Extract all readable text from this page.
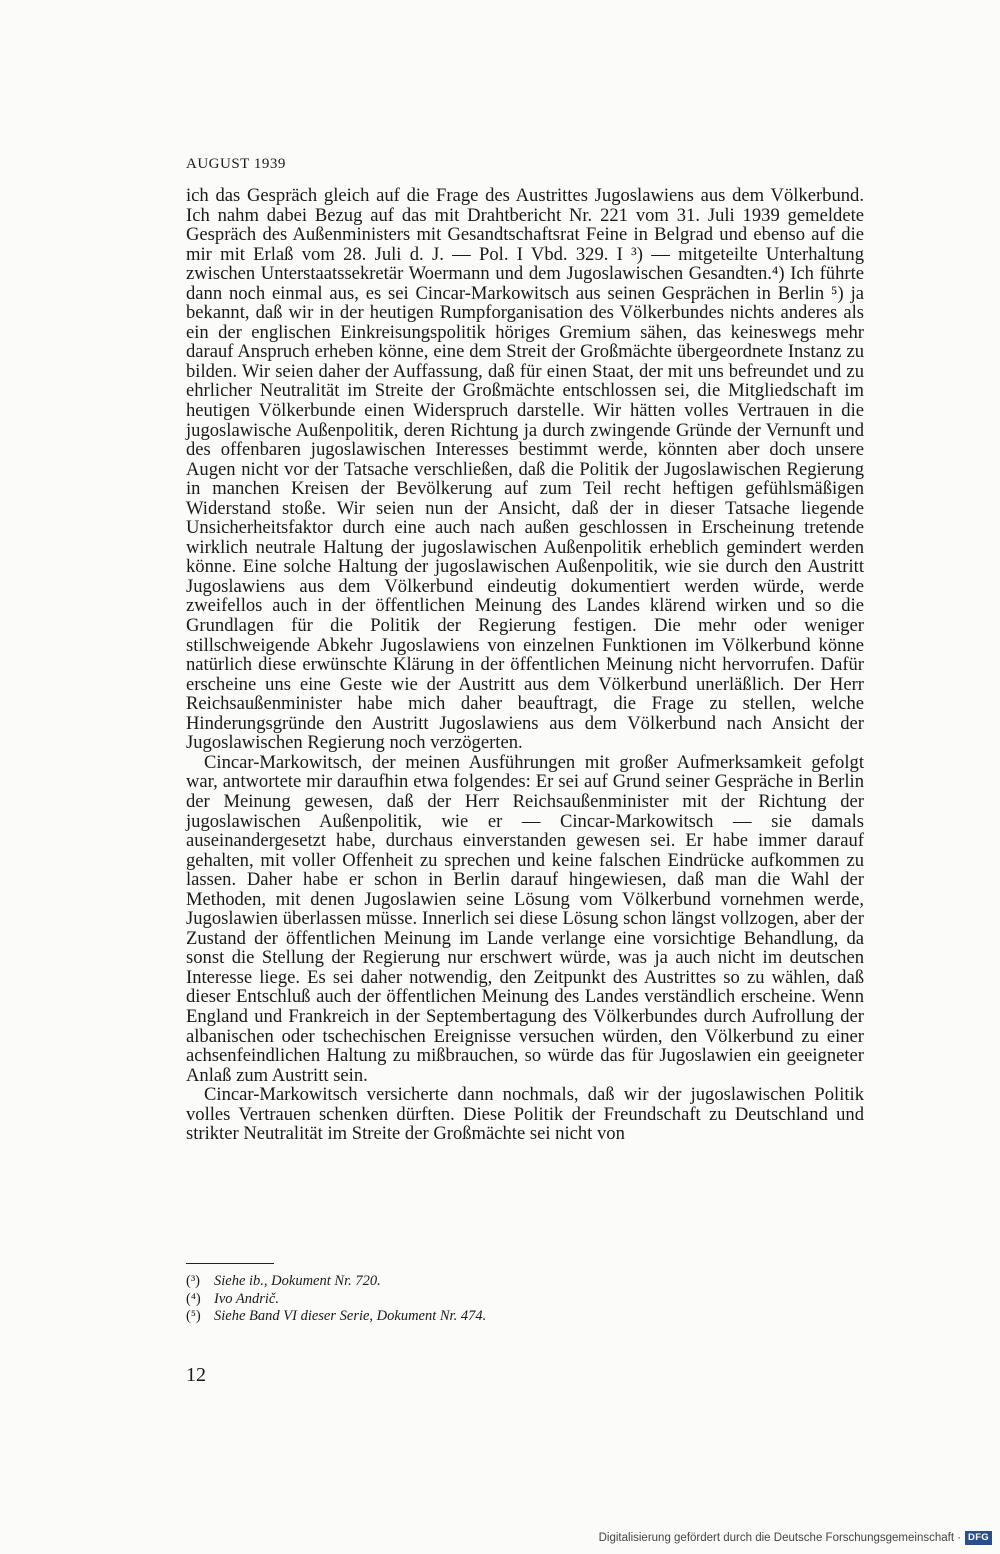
AUGUST 1939

ich das Gespräch gleich auf die Frage des Austrittes Jugoslawiens aus dem Völkerbund. Ich nahm dabei Bezug auf das mit Drahtbericht Nr. 221 vom 31. Juli 1939 gemeldete Gespräch des Außenministers mit Gesandtschaftsrat Feine in Belgrad und ebenso auf die mir mit Erlaß vom 28. Juli d. J. — Pol. I Vbd. 329. I ³) — mitgeteilte Unterhaltung zwischen Unterstaatssekretär Woermann und dem Jugoslawischen Gesandten.⁴) Ich führte dann noch einmal aus, es sei Cincar-Markowitsch aus seinen Gesprächen in Berlin ⁵) ja bekannt, daß wir in der heutigen Rumpforganisation des Völkerbundes nichts anderes als ein der englischen Einkreisungspolitik höriges Gremium sähen, das keineswegs mehr darauf Anspruch erheben könne, eine dem Streit der Großmächte übergeordnete Instanz zu bilden. Wir seien daher der Auffassung, daß für einen Staat, der mit uns befreundet und zu ehrlicher Neutralität im Streite der Großmächte entschlossen sei, die Mitgliedschaft im heutigen Völkerbunde einen Widerspruch darstelle. Wir hätten volles Vertrauen in die jugoslawische Außenpolitik, deren Richtung ja durch zwingende Gründe der Vernunft und des offenbaren jugoslawischen Interesses bestimmt werde, könnten aber doch unsere Augen nicht vor der Tatsache verschließen, daß die Politik der Jugoslawischen Regierung in manchen Kreisen der Bevölkerung auf zum Teil recht heftigen gefühlsmäßigen Widerstand stoße. Wir seien nun der Ansicht, daß der in dieser Tatsache liegende Unsicherheitsfaktor durch eine auch nach außen geschlossen in Erscheinung tretende wirklich neutrale Haltung der jugoslawischen Außenpolitik erheblich gemindert werden könne. Eine solche Haltung der jugoslawischen Außenpolitik, wie sie durch den Austritt Jugoslawiens aus dem Völkerbund eindeutig dokumentiert werden würde, werde zweifellos auch in der öffentlichen Meinung des Landes klärend wirken und so die Grundlagen für die Politik der Regierung festigen. Die mehr oder weniger stillschweigende Abkehr Jugoslawiens von einzelnen Funktionen im Völkerbund könne natürlich diese erwünschte Klärung in der öffentlichen Meinung nicht hervorrufen. Dafür erscheine uns eine Geste wie der Austritt aus dem Völkerbund unerläßlich. Der Herr Reichsaußenminister habe mich daher beauftragt, die Frage zu stellen, welche Hinderungsgründe den Austritt Jugoslawiens aus dem Völkerbund nach Ansicht der Jugoslawischen Regierung noch verzögerten.

Cincar-Markowitsch, der meinen Ausführungen mit großer Aufmerksamkeit gefolgt war, antwortete mir daraufhin etwa folgendes: Er sei auf Grund seiner Gespräche in Berlin der Meinung gewesen, daß der Herr Reichsaußenminister mit der Richtung der jugoslawischen Außenpolitik, wie er — Cincar-Markowitsch — sie damals auseinandergesetzt habe, durchaus einverstanden gewesen sei. Er habe immer darauf gehalten, mit voller Offenheit zu sprechen und keine falschen Eindrücke aufkommen zu lassen. Daher habe er schon in Berlin darauf hingewiesen, daß man die Wahl der Methoden, mit denen Jugoslawien seine Lösung vom Völkerbund vornehmen werde, Jugoslawien überlassen müsse. Innerlich sei diese Lösung schon längst vollzogen, aber der Zustand der öffentlichen Meinung im Lande verlange eine vorsichtige Behandlung, da sonst die Stellung der Regierung nur erschwert würde, was ja auch nicht im deutschen Interesse liege. Es sei daher notwendig, den Zeitpunkt des Austrittes so zu wählen, daß dieser Entschluß auch der öffentlichen Meinung des Landes verständlich erscheine. Wenn England und Frankreich in der Septembertagung des Völkerbundes durch Aufrollung der albanischen oder tschechischen Ereignisse versuchen würden, den Völkerbund zu einer achsenfeindlichen Haltung zu mißbrauchen, so würde das für Jugoslawien ein geeigneter Anlaß zum Austritt sein.

Cincar-Markowitsch versicherte dann nochmals, daß wir der jugoslawischen Politik volles Vertrauen schenken dürften. Diese Politik der Freundschaft zu Deutschland und strikter Neutralität im Streite der Großmächte sei nicht von

(³) Siehe ib., Dokument Nr. 720.
(⁴) Ivo Andrič.
(⁵) Siehe Band VI dieser Serie, Dokument Nr. 474.
12
Digitalisierung gefördert durch die Deutsche Forschungsgemeinschaft · DFG
